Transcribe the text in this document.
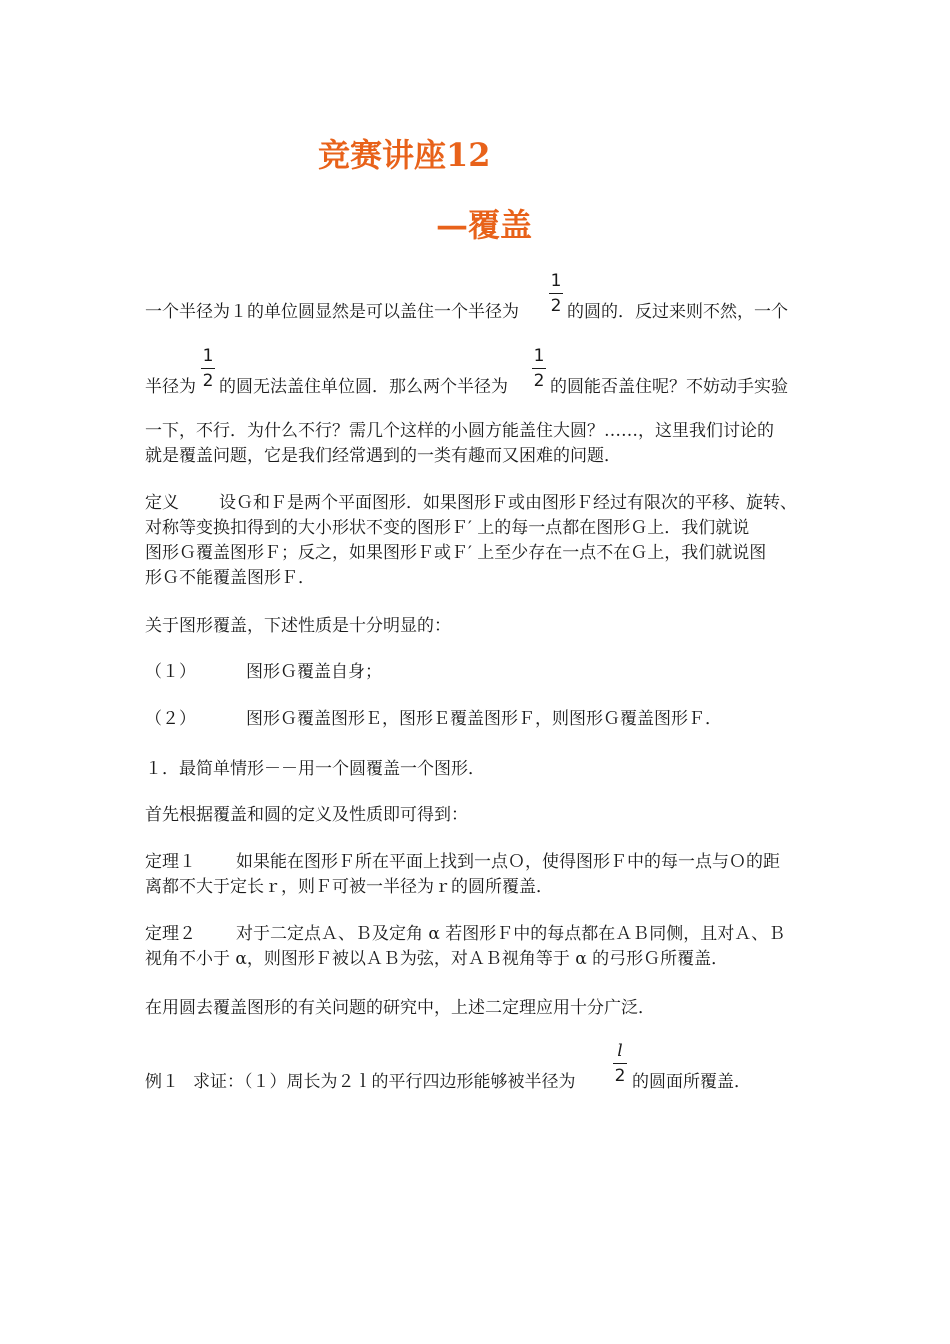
竞赛讲座12
—覆盖
一个半径为１的单位圆显然是可以盖住一个半径为
1
2 的圆的．反过来则不然，一个
半径为
1
2 的圆无法盖住单位圆．那么两个半径为
1
2 的圆能否盖住呢？不妨动手实验
一下，不行．为什么不行？需几个这样的小圆方能盖住大圆？……，这里我们讨论的
就是覆盖问题，它是我们经常遇到的一类有趣而又困难的问题．
定义 设Ｇ和Ｆ是两个平面图形．如果图形Ｆ或由图形Ｆ经过有限次的平移、旋转、
对称等变换扣得到的大小形状不变的图形Ｆ′ 上的每一点都在图形Ｇ上．我们就说
图形Ｇ覆盖图形Ｆ；反之，如果图形Ｆ或Ｆ′ 上至少存在一点不在Ｇ上，我们就说图
形Ｇ不能覆盖图形Ｆ．
关于图形覆盖，下述性质是十分明显的：
（１）	图形Ｇ覆盖自身；
（２）	图形Ｇ覆盖图形Ｅ，图形Ｅ覆盖图形Ｆ，则图形Ｇ覆盖图形Ｆ．
１．最简单情形－－用一个圆覆盖一个图形．
首先根据覆盖和圆的定义及性质即可得到：
定理１ 如果能在图形Ｆ所在平面上找到一点Ｏ，使得图形Ｆ中的每一点与Ｏ的距
离都不大于定长ｒ，则Ｆ可被一半径为ｒ的圆所覆盖．
定理２ 对于二定点Ａ、Ｂ及定角 α 若图形Ｆ中的每点都在ＡＢ同侧，且对Ａ、Ｂ
视角不小于 α，则图形Ｆ被以ＡＢ为弦，对ＡＢ视角等于 α 的弓形Ｇ所覆盖．
在用圆去覆盖图形的有关问题的研究中，上述二定理应用十分广泛．
例１ 求证：（１）周长为２ｌ的平行四边形能够被半径为
l
2 的圆面所覆盖．
